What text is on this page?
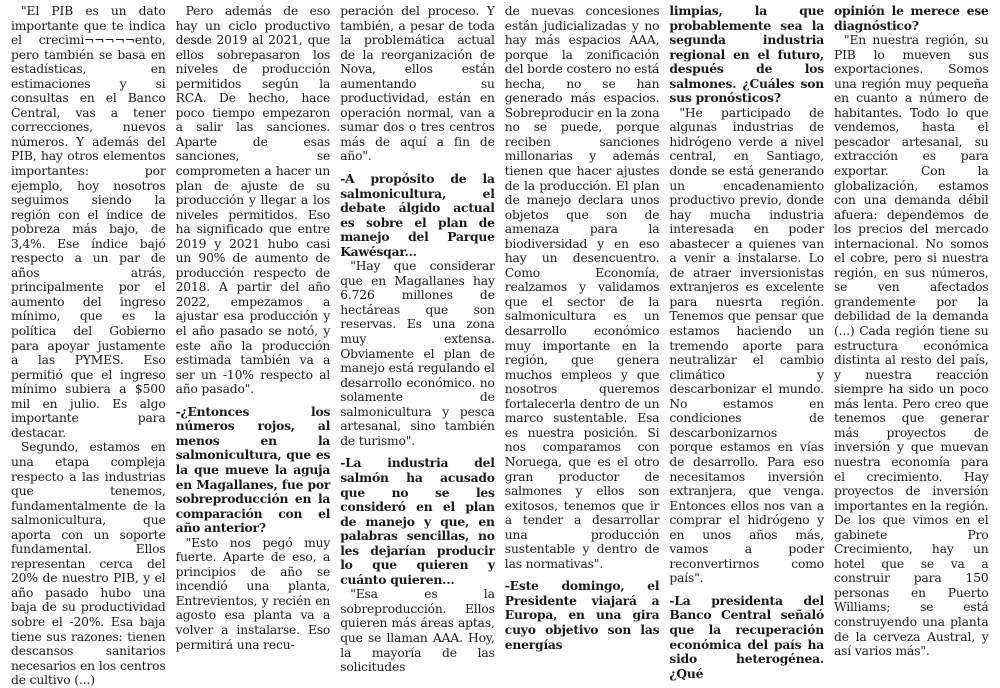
"El PIB es un dato importante que te indica el crecimi¬¬¬¬¬ento, pero también se basa en estadísticas, en estimaciones y si consultas en el Banco Central, vas a tener correcciones, nuevos números. Y además del PIB, hay otros elementos importantes: por ejemplo, hoy nosotros seguimos siendo la región con el índice de pobreza más bajo, de 3,4%. Ese índice bajó respecto a un par de años atrás, principalmente por el aumento del ingreso mínimo, que es la política del Gobierno para apoyar justamente a las PYMES. Eso permitió que el ingreso mínimo subiera a $500 mil en julio. Es algo importante para destacar.

Segundo, estamos en una etapa compleja respecto a las industrias que tenemos, fundamentalmente de la salmonicultura, que aporta con un soporte fundamental. Ellos representan cerca del 20% de nuestro PIB, y el año pasado hubo una baja de su productividad sobre el -20%. Esa baja tiene sus razones: tienen descansos sanitarios necesarios en los centros de cultivo (...)

Pero además de eso hay un ciclo productivo desde 2019 al 2021, que ellos sobrepasaron los niveles de producción permitidos según la RCA. De hecho, hace poco tiempo empezaron a salir las sanciones. Aparte de esas sanciones, se comprometen a hacer un plan de ajuste de su producción y llegar a los niveles permitidos. Eso ha significado que entre 2019 y 2021 hubo casi un 90% de aumento de producción respecto de 2018. A partir del año 2022, empezamos a ajustar esa producción y el año pasado se notó, y este año la producción estimada también va a ser un -10% respecto al año pasado".

-¿Entonces los números rojos, al menos en la salmonicultura, que es la que mueve la aguja en Magallanes, fue por sobreproducción en la comparación con el año anterior?

"Esto nos pegó muy fuerte. Aparte de eso, a principios de año se incendió una planta, Entrevientos, y recién en agosto esa planta va a volver a instalarse. Eso permitirá una recu-

peración del proceso. Y también, a pesar de toda la problemática actual de la reorganización de Nova, ellos están aumentando su productividad, están en operación normal, van a sumar dos o tres centros más de aquí a fin de año".

-A propósito de la salmonicultura, el debate álgido actual es sobre el plan de manejo del Parque Kawésqar...

"Hay que considerar que en Magallanes hay 6.726 millones de hectáreas que son reservas. Es una zona muy extensa. Obviamente el plan de manejo está regulando el desarrollo económico. no solamente de salmonicultura y pesca artesanal, sino también de turismo".

-La industria del salmón ha acusado que no se les consideró en el plan de manejo y que, en palabras sencillas, no les dejarían producir lo que quieren y cuánto quieren...

"Esa es la sobreproducción. Ellos quieren más áreas aptas, que se llaman AAA. Hoy, la mayoría de las solicitudes

de nuevas concesiones están judicializadas y no hay más espacios AAA, porque la zonificación del borde costero no está hecha, no se han generado más espacios. Sobreproducir en la zona no se puede, porque reciben sanciones millonarias y además tienen que hacer ajustes de la producción. El plan de manejo declara unos objetos que son de amenaza para la biodiversidad y en eso hay un desencuentro. Como Economía, realzamos y validamos que el sector de la salmonicultura es un desarrollo económico muy importante en la región, que genera muchos empleos y que nosotros queremos fortalecerla dentro de un marco sustentable. Esa es nuestra posición. Si nos comparamos con Noruega, que es el otro gran productor de salmones y ellos son exitosos, tenemos que ir a tender a desarrollar una producción sustentable y dentro de las normativas".

-Este domingo, el Presidente viajará a Europa, en una gira cuyo objetivo son las energías

limpias, la que probablemente sea la segunda industria regional en el futuro, después de los salmones. ¿Cuáles son sus pronósticos?

"He participado de algunas industrias de hidrógeno verde a nivel central, en Santiago, donde se está generando un encadenamiento productivo previo, donde hay mucha industria interesada en poder abastecer a quienes van a venir a instalarse. Lo de atraer inversionistas extranjeros es excelente para nuesrta región. Tenemos que pensar que estamos haciendo un tremendo aporte para neutralizar el cambio climático y descarbonizar el mundo. No estamos en condiciones de descarbonizarnos porque estamos en vías de desarrollo. Para eso necesitamos inversión extranjera, que venga. Entonces ellos nos van a comprar el hidrógeno y en unos años más, vamos a poder reconvertirnos como país".

-La presidenta del Banco Central señaló que la recuperación económica del país ha sido heterogénea. ¿Qué

opinión le merece ese diagnóstico?

"En nuestra región, su PIB lo mueven sus exportaciones. Somos una región muy pequeña en cuanto a número de habitantes. Todo lo que vendemos, hasta el pescador artesanal, su extracción es para exportar. Con la globalización, estamos con una demanda débil afuera: dependemos de los precios del mercado internacional. No somos el cobre, pero si nuestra región, en sus números, se ven afectados grandemente por la debilidad de la demanda (...) Cada región tiene su estructura económica distinta al resto del país, y nuestra reacción siempre ha sido un poco más lenta. Pero creo que tenemos que generar más proyectos de inversión y que muevan nuestra economía para el crecimiento. Hay proyectos de inversión importantes en la región. De los que vimos en el gabinete Pro Crecimiento, hay un hotel que se va a construir para 150 personas en Puerto Williams; se está construyendo una planta de la cerveza Austral, y así varios más".
